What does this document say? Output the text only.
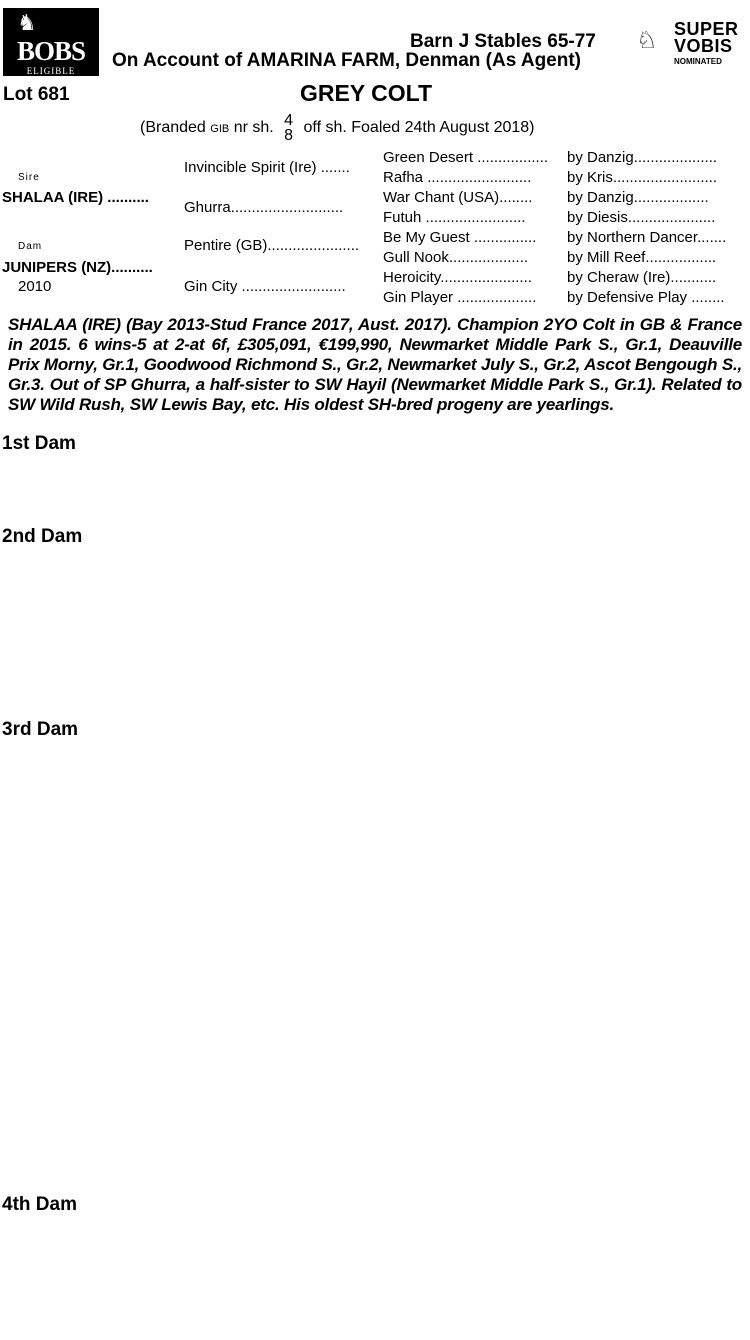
♞
BOBS
ELIGIBLE
♘ SUPER
VOBIS
NOMINATED
Barn J Stables 65-77
On Account of AMARINA FARM, Denman (As Agent)
Lot 681	GREY COLT
(Branded GIB nr sh. 4
8 off sh. Foaled 24th August 2018)
Sire
SHALAA (IRE) ..........
Dam
JUNIPERS (NZ)..........
2010
Invincible Spirit (Ire) .......
Ghurra...........................
Pentire (GB)......................
Gin City .........................
Green Desert .................
Rafha .........................
War Chant (USA)........
Futuh ........................
Be My Guest ...............
Gull Nook...................
Heroicity......................
Gin Player ...................
by Danzig....................
by Kris.........................
by Danzig..................
by Diesis.....................
by Northern Dancer.......
by Mill Reef.................
by Cheraw (Ire)...........
by Defensive Play ........
SHALAA (IRE) (Bay 2013-Stud France 2017, Aust. 2017). Champion 2YO Colt in GB & France in 2015. 6 wins-5 at 2-at 6f, £305,091, €199,990, Newmarket Middle Park S., Gr.1, Deauville Prix Morny, Gr.1, Goodwood Richmond S., Gr.2, Newmarket July S., Gr.2, Ascot Bengough S., Gr.3. Out of SP Ghurra, a half-sister to SW Hayil (Newmarket Middle Park S., Gr.1). Related to SW Wild Rush, SW Lewis Bay, etc. His oldest SH-bred progeny are yearlings.
1st Dam
2nd Dam
3rd Dam
4th Dam
